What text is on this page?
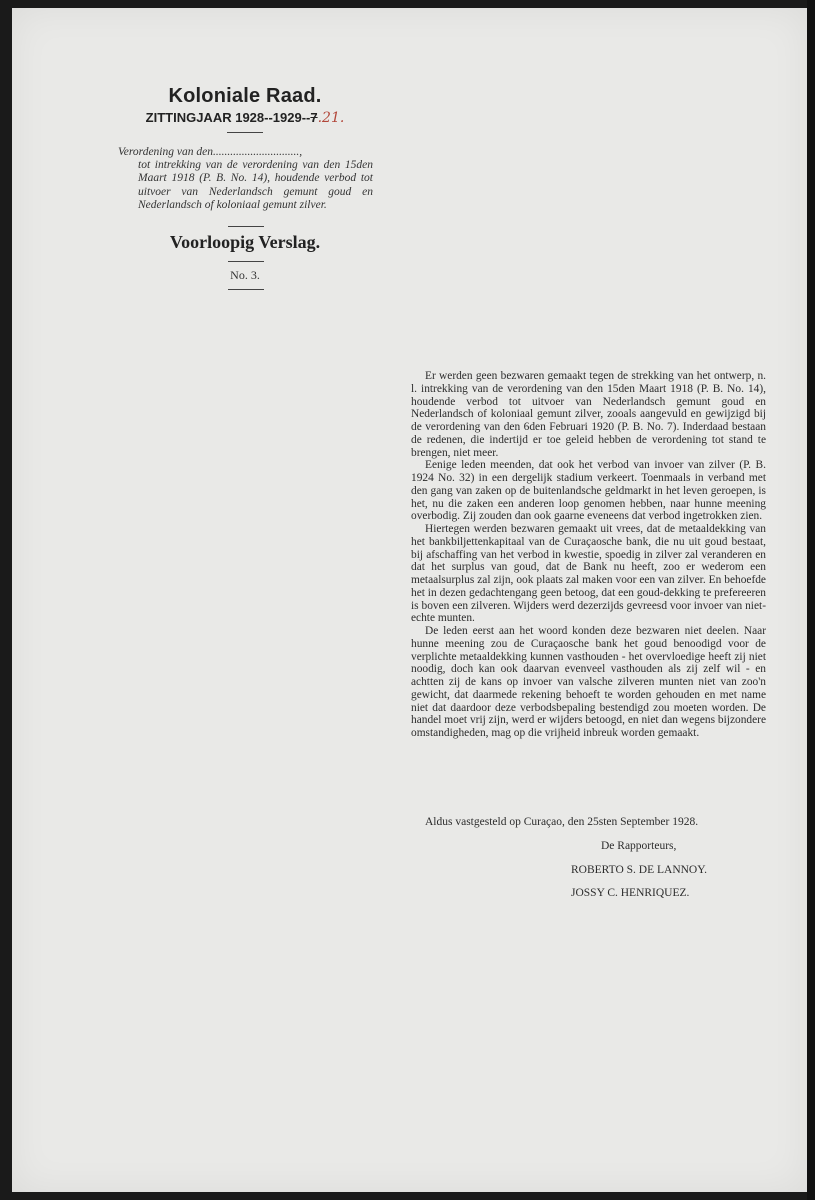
Koloniale Raad.
ZITTINGJAAR 1928--1929--7.21.
Verordening van den..............................,
tot intrekking van de verordening van den 15den Maart 1918 (P. B. No. 14), houdende verbod tot uitvoer van Nederlandsch gemunt goud en Nederlandsch of koloniaal gemunt zilver.
Voorloopig Verslag.
No. 3.

Er werden geen bezwaren gemaakt tegen de strekking van het ontwerp, n. l. intrekking van de verordening van den 15den Maart 1918 (P. B. No. 14), houdende verbod tot uitvoer van Nederlandsch gemunt goud en Nederlandsch of koloniaal gemunt zilver, zooals aangevuld en gewijzigd bij de verordening van den 6den Februari 1920 (P. B. No. 7). Inderdaad bestaan de redenen, die indertijd er toe geleid hebben de verordening tot stand te brengen, niet meer.

Eenige leden meenden, dat ook het verbod van invoer van zilver (P. B. 1924 No. 32) in een dergelijk stadium verkeert. Toenmaals in verband met den gang van zaken op de buitenlandsche geldmarkt in het leven geroepen, is het, nu die zaken een anderen loop genomen hebben, naar hunne meening overbodig. Zij zouden dan ook gaarne eveneens dat verbod ingetrokken zien.

Hiertegen werden bezwaren gemaakt uit vrees, dat de metaaldekking van het bankbiljettenkapitaal van de Curaçaosche bank, die nu uit goud bestaat, bij afschaffing van het verbod in kwestie, spoedig in zilver zal veranderen en dat het surplus van goud, dat de Bank nu heeft, zoo er wederom een metaalsurplus zal zijn, ook plaats zal maken voor een van zilver. En behoefde het in dezen gedachtengang geen betoog, dat een goud-dekking te prefereeren is boven een zilveren. Wijders werd dezerzijds gevreesd voor invoer van niet-echte munten.

De leden eerst aan het woord konden deze bezwaren niet deelen. Naar hunne meening zou de Curaçaosche bank het goud benoodigd voor de verplichte metaaldekking kunnen vasthouden - het overvloedige heeft zij niet noodig, doch kan ook daarvan evenveel vasthouden als zij zelf wil - en achtten zij de kans op invoer van valsche zilveren munten niet van zoo'n gewicht, dat daarmede rekening behoeft te worden gehouden en met name niet dat daardoor deze verbodsbepaling bestendigd zou moeten worden. De handel moet vrij zijn, werd er wijders betoogd, en niet dan wegens bijzondere omstandigheden, mag op die vrijheid inbreuk worden gemaakt.

Aldus vastgesteld op Curaçao, den 25sten September 1928.
De Rapporteurs,
ROBERTO S. DE LANNOY.
JOSSY C. HENRIQUEZ.
